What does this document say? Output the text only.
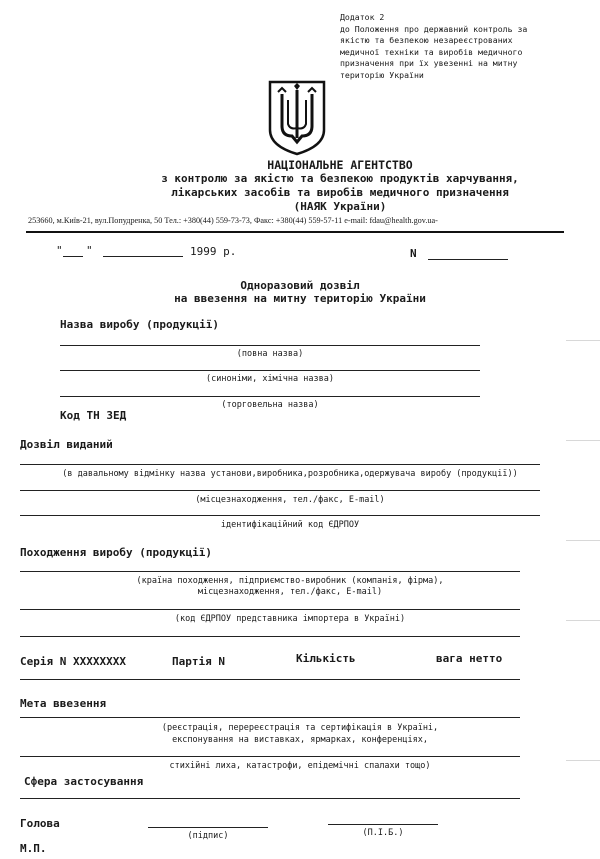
Додаток 2
до Положення про державний контроль за
якістю та безпекою незареєстрованих
медичної техніки та виробів медичного
призначення при їх увезенні на митну
територію України
НАЦІОНАЛЬНЕ АГЕНТСТВО
з контролю за якістю та безпекою продуктів харчування,
лікарських засобів та виробів медичного призначення
(НАЯК України)
253660, м.Київ-21, вул.Попудренка, 50 Тел.: +380(44) 559-73-73, Факс: +380(44) 559-57-11 e-mail: fdau@health.gov.ua-
" "	1999 р.	N
Одноразовий дозвіл
на ввезення на митну територію України
Назва виробу (продукції)
(повна назва)
(синоніми, хімічна назва)
(торговельна назва)
Код ТН ЗЕД
Дозвіл виданий
(в давальному відмінку назва установи,виробника,розробника,одержувача виробу (продукції))
(місцезнаходження, тел./факс, E-mail)
ідентифікаційний код ЄДРПОУ
Походження виробу (продукції)
(країна походження, підприємство-виробник (компанія, фірма),
місцезнаходження, тел./факс, E-mail)
(код ЄДРПОУ представника імпортера в Україні)
Серія N XXXXXXXX	Партія N	Кількість	вага нетто
Мета ввезення
(реєстрація, перереєстрація та сертифікація в Україні,
експонування на виставках, ярмарках, конференціях,
стихійні лиха, катастрофи, епідемічні спалахи тощо)
Сфера застосування
Голова
(підпис)	(П.І.Б.)
М.П.
